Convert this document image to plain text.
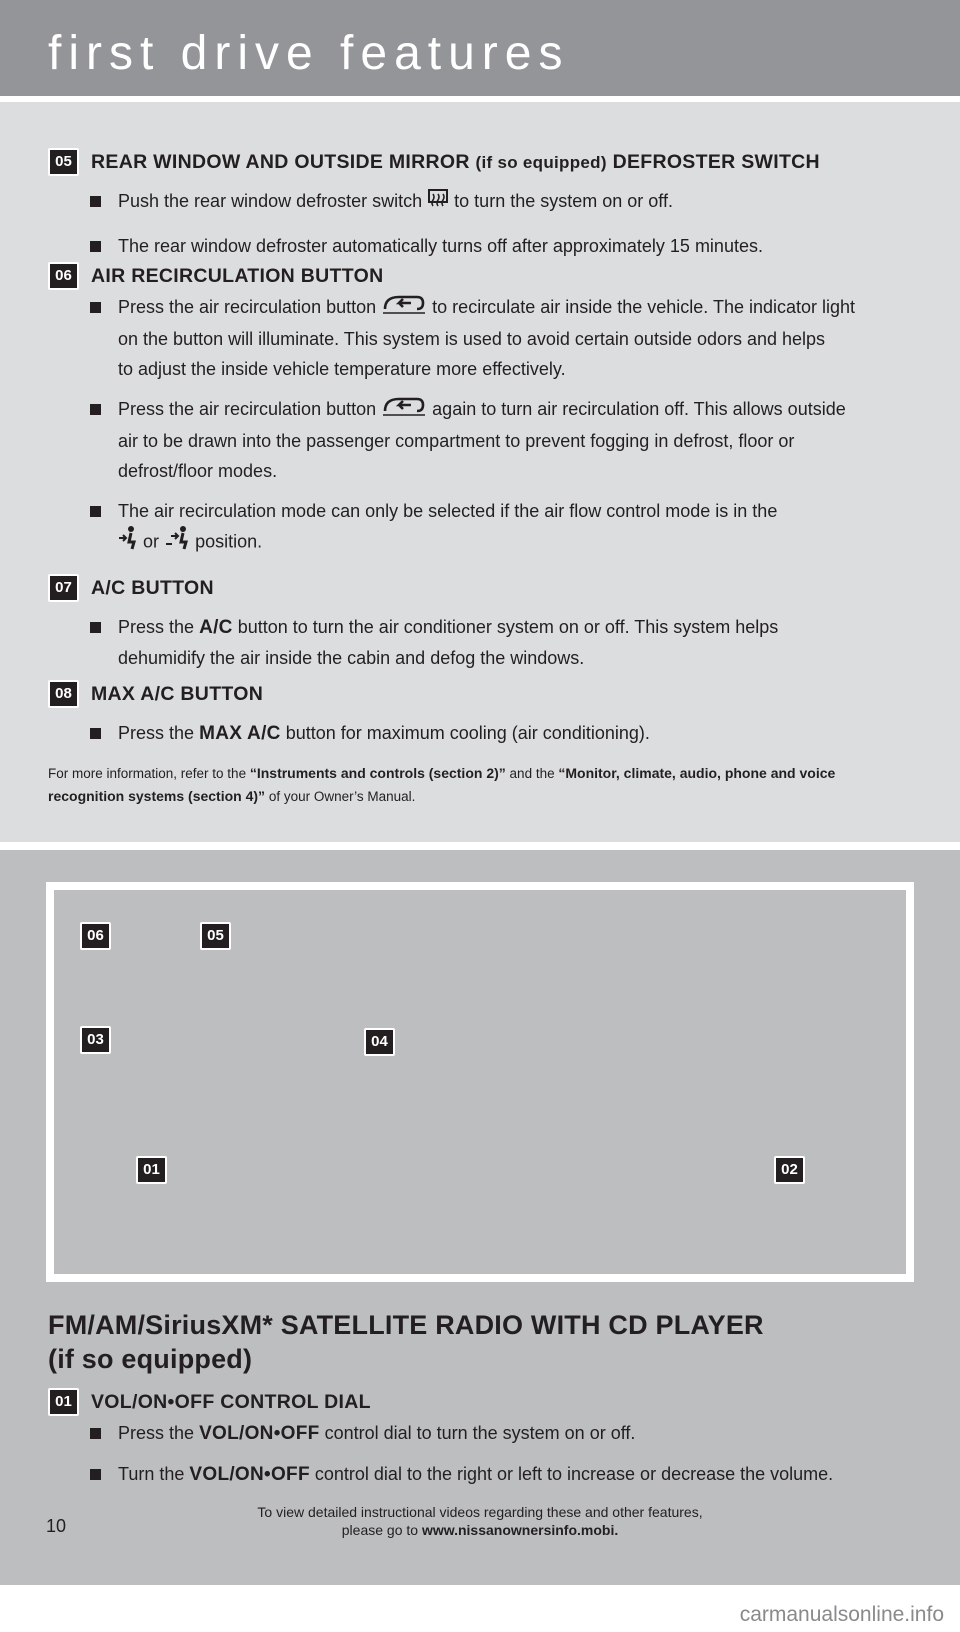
first drive features
05 REAR WINDOW AND OUTSIDE MIRROR (if so equipped) DEFROSTER SWITCH
Push the rear window defroster switch to turn the system on or off.
The rear window defroster automatically turns off after approximately 15 minutes.
06 AIR RECIRCULATION BUTTON
Press the air recirculation button	to recirculate air inside the vehicle. The indicator light
on the button will illuminate. This system is used to avoid certain outside odors and helps
to adjust the inside vehicle temperature more effectively.
Press the air recirculation button	again to turn air recirculation off. This allows outside
air to be drawn into the passenger compartment to prevent fogging in defrost, floor or
defrost/floor modes.
The air recirculation mode can only be selected if the air flow control mode is in the
or position.
07 A/C BUTTON
Press the A/C button to turn the air conditioner system on or off. This system helps
dehumidify the air inside the cabin and defog the windows.
08 MAX A/C BUTTON
Press the MAX A/C button for maximum cooling (air conditioning).
For more information, refer to the “Instruments and controls (section 2)” and the “Monitor, climate, audio, phone and voice recognition systems (section 4)” of your Owner’s Manual.
06	05
03	04
01	02
FM/AM/SiriusXM* SATELLITE RADIO WITH CD PLAYER
(if so equipped)
01 VOL/ON•OFF CONTROL DIAL
Press the VOL/ON•OFF control dial to turn the system on or off.
Turn the VOL/ON•OFF control dial to the right or left to increase or decrease the volume.
To view detailed instructional videos regarding these and other features,
please go to www.nissanownersinfo.mobi.
10
carmanualsonline.info
